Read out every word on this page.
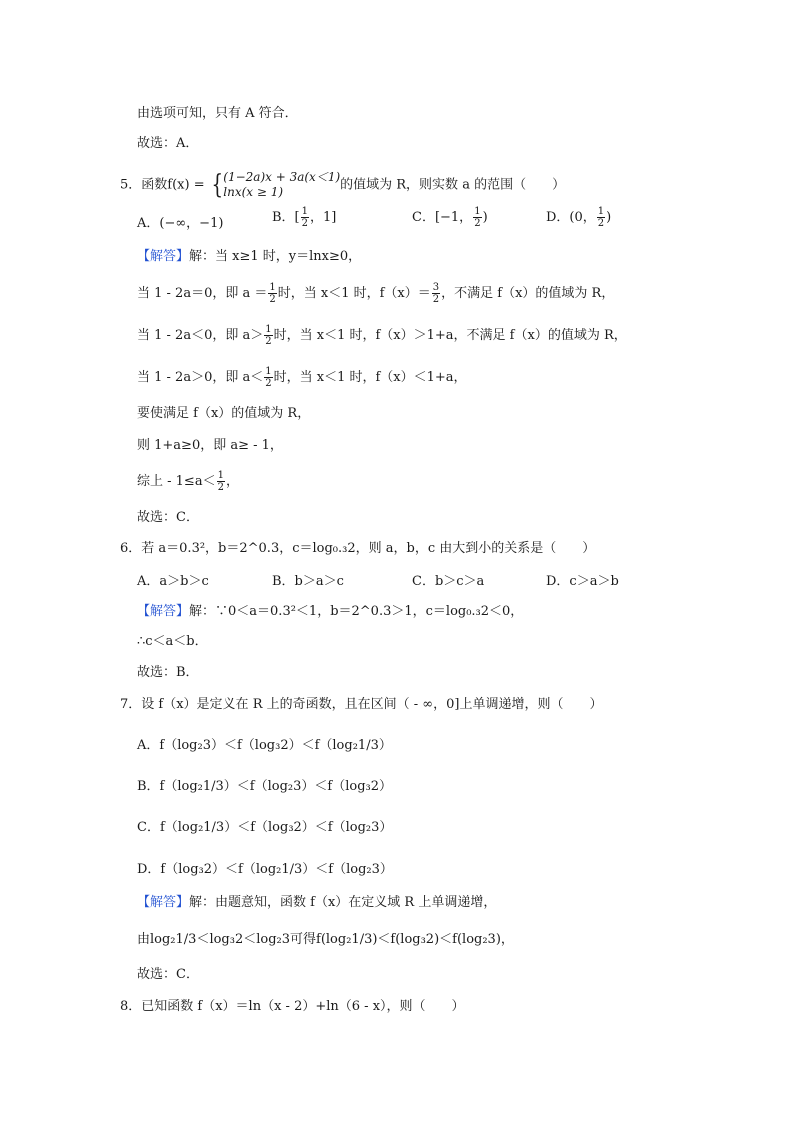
由选项可知，只有 A 符合．
故选：A．
5．函数f(x) = { (1−2a)x + 3a(x＜1)
lnx(x ≥ 1)	的值域为 R，则实数 a 的范围（　　）
A．(−∞，−1)	B．[ $\frac{1}{2}$ ，1]	C．[−1， $\frac{1}{2}$ )	D．(0， $\frac{1}{2}$ )
【解答】解：当 x≥1 时，y＝lnx≥0，
当 1 - 2a＝0，即 $a = \frac{1}{2}$ 时，当 x＜1 时，$f(x)= \frac{3}{2}$ ，不满足 f（x）的值域为 R，
当 1 - 2a＜0，即 $a> \frac{1}{2}$ 时，当 x＜1 时，f（x）＞1+a，不满足 f（x）的值域为 R，
当 1 - 2a＞0，即 $a< \frac{1}{2}$ 时，当 x＜1 时，f（x）＜1+a，
要使满足 f（x）的值域为 R，
则 1+a≥0，即 a≥ - 1，
综上 - $1\le a< \frac{1}{2}$ ，
故选：C．
6．若 a＝0.3²，b＝2^0.3，c＝log₀.₃2，则 a，b，c 由大到小的关系是（　　）
A．a＞b＞c	B．b＞a＞c	C．b＞c＞a	D．c＞a＞b
【解答】解：∵0＜a＝0.3²＜1，b＝2^0.3＞1，c＝log₀.₃2＜0，
∴c＜a＜b．
故选：B．
7．设 f（x）是定义在 R 上的奇函数，且在区间（ - ∞，0]上单调递增，则（　　）
A．f（log₂3）＜f（log₃2）＜f（log₂1/3）
B．f（log₂1/3）＜f（log₂3）＜f（log₃2）
C．f（log₂1/3）＜f（log₃2）＜f（log₂3）
D．f（log₃2）＜f（log₂1/3）＜f（log₂3）
【解答】解：由题意知，函数 f（x）在定义域 R 上单调递增，
由log₂1/3＜log₃2＜log₂3可得f(log₂1/3)＜f(log₃2)＜f(log₂3)，
故选：C．
8．已知函数 f（x）＝ln（x - 2）+ln（6 - x），则（　　）
